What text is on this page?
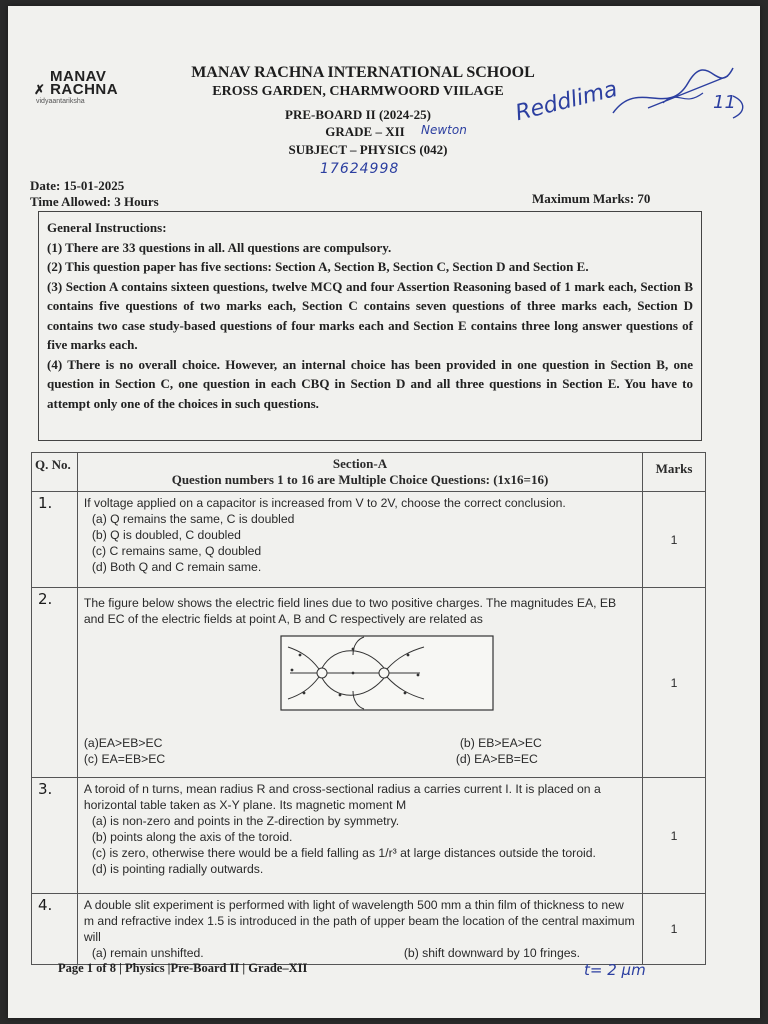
MANAV
✗ RACHNA
vidyaantariksha
MANAV RACHNA INTERNATIONAL SCHOOL
EROSS GARDEN, CHARMWOORD VIILAGE
PRE-BOARD II (2024-25)
GRADE – XII
SUBJECT – PHYSICS (042)
Newton
17624998
Reddlima	11
Date: 15-01-2025
Time Allowed: 3 Hours	Maximum Marks: 70

General Instructions:

(1) There are 33 questions in all. All questions are compulsory.

(2) This question paper has five sections: Section A, Section B, Section C, Section D and Section E.

(3) Section A contains sixteen questions, twelve MCQ and four Assertion Reasoning based of 1 mark each, Section B contains five questions of two marks each, Section C contains seven questions of three marks each, Section D contains two case study-based questions of four marks each and Section E contains three long answer questions of five marks each.

(4) There is no overall choice. However, an internal choice has been provided in one question in Section B, one question in Section C, one question in each CBQ in Section D and all three questions in Section E. You have to attempt only one of the choices in such questions.

Q. No.	Section-A
Question numbers 1 to 16 are Multiple Choice Questions: (1x16=16)	Marks
1.	If voltage applied on a capacitor is increased from V to 2V, choose the correct conclusion.
(a) Q remains the same, C is doubled
(b) Q is doubled, C doubled
(c) C remains same, Q doubled
(d) Both Q and C remain same.	1
2.	The figure below shows the electric field lines due to two positive charges. The magnitudes EA, EB and EC of the electric fields at point A, B and C respectively are related as
(a)EA>EB>EC (b) EB>EA>EC
(c) EA=EB>EC (d) EA>EB=EC	1
3.	A toroid of n turns, mean radius R and cross-sectional radius a carries current I. It is placed on a horizontal table taken as X-Y plane. Its magnetic moment M
(a) is non-zero and points in the Z-direction by symmetry.
(b) points along the axis of the toroid.
(c) is zero, otherwise there would be a field falling as 1/r³ at large distances outside the toroid.
(d) is pointing radially outwards.	1
4.	A double slit experiment is performed with light of wavelength 500 mm a thin film of thickness to new m and refractive index 1.5 is introduced in the path of upper beam the location of the central maximum will
(a) remain unshifted. (b) shift downward by 10 fringes.	1
Page 1 of 8 | Physics |Pre-Board II | Grade–XII	t= 2 μm
